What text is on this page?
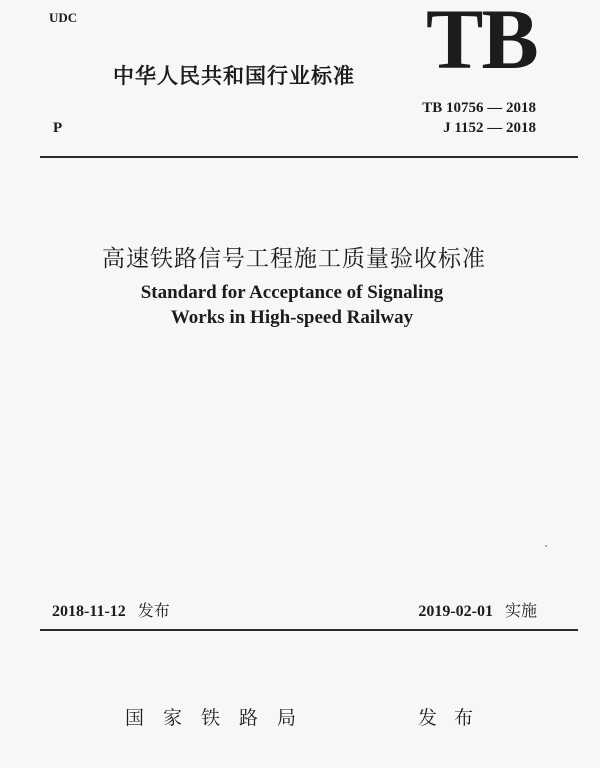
UDC
中华人民共和国行业标准 TB
TB 10756 — 2018
J 1152 — 2018
P
高速铁路信号工程施工质量验收标准
Standard for Acceptance of Signaling
Works in High-speed Railway
2018-11-12 发布	2019-02-01 实施
国家铁路局	发布
